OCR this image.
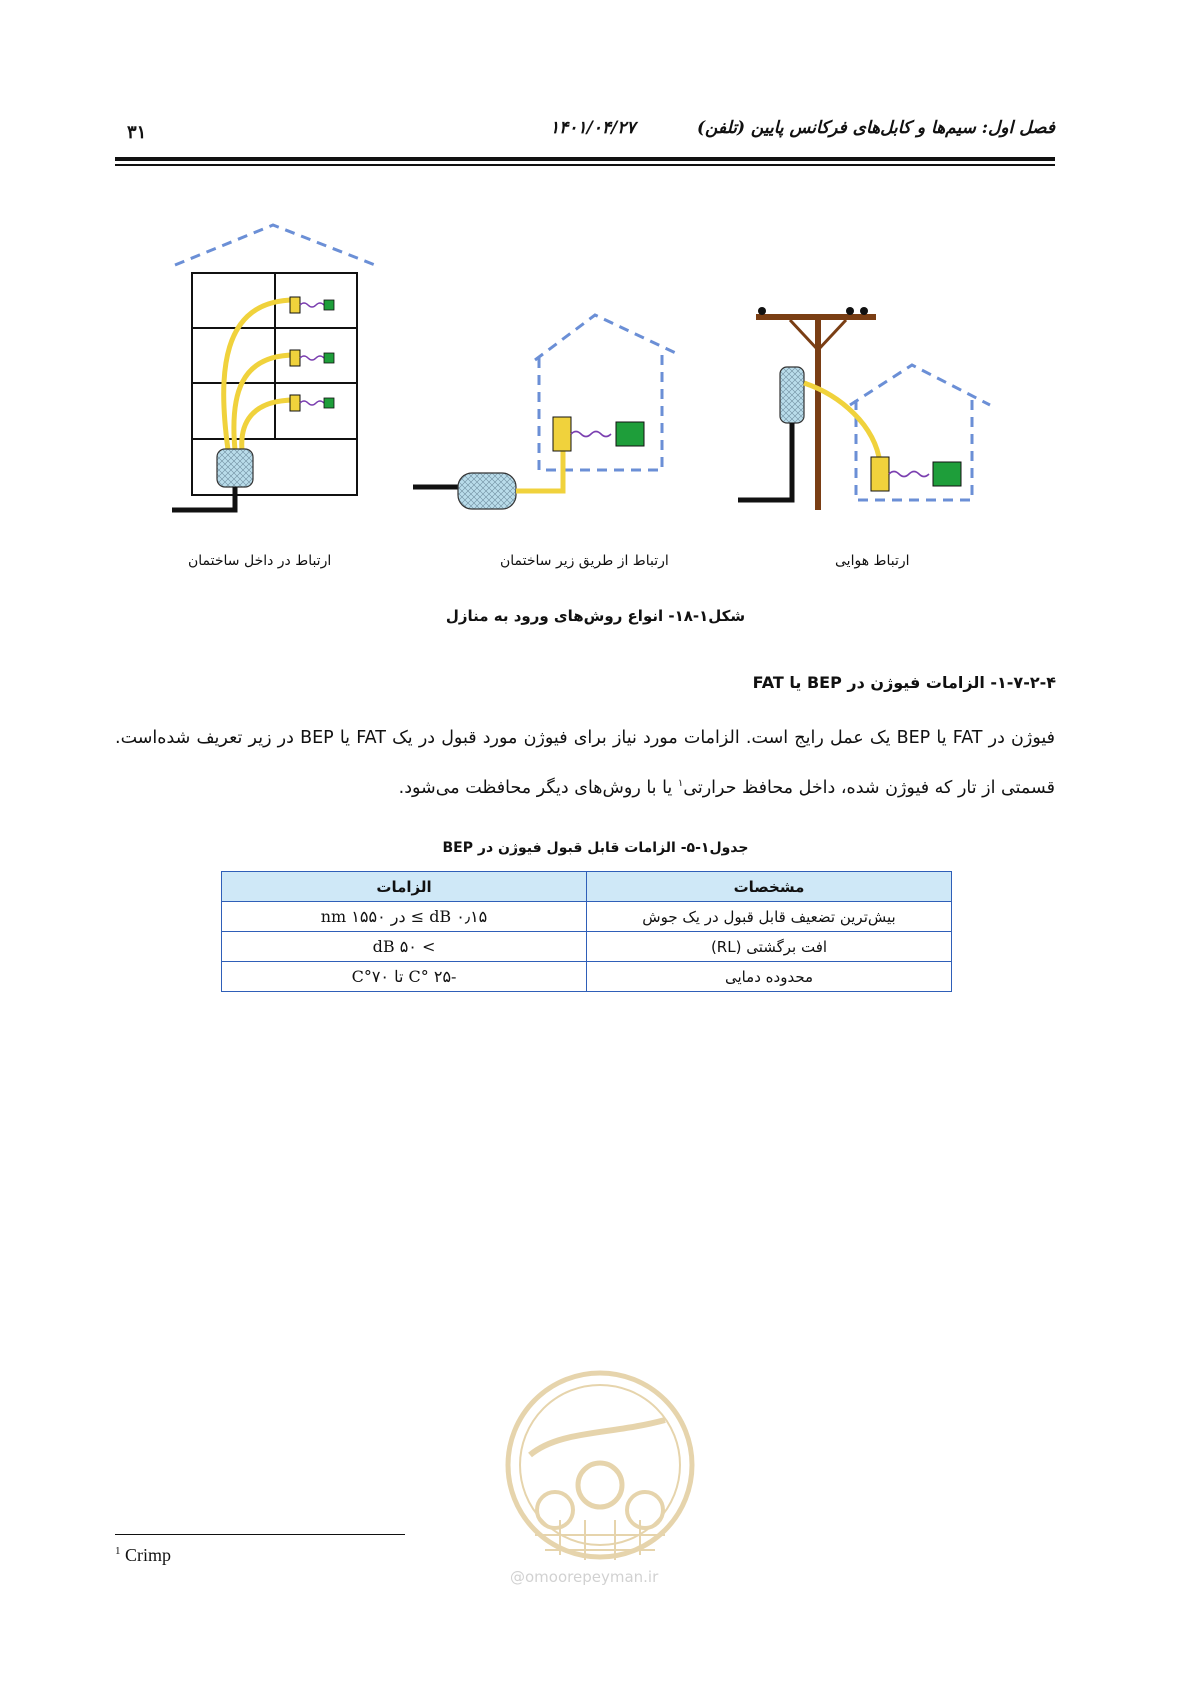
فصل اول: سیم‌ها و کابل‌های فرکانس پایین (تلفن)
۱۴۰۱/۰۴/۲۷
۳۱
ارتباط در داخل ساختمان	ارتباط از طریق زیر ساختمان	ارتباط هوایی
شکل۱-۱۸- انواع روش‌های ورود به منازل
۱-۷-۲-۴- الزامات فیوژن در BEP یا FAT
فیوژن در FAT یا BEP یک عمل رایج است. الزامات مورد نیاز برای فیوژن مورد قبول در یک FAT یا BEP در زیر تعریف شده‌است. قسمتی از تار که فیوژن شده، داخل محافظ حرارتی$^۱$ یا با روش‌های دیگر محافظت می‌شود.
جدول۱-۵- الزامات قابل قبول فیوژن در BEP
مشخصات	الزامات
بیش‌ترین تضعیف قابل قبول در یک جوش	۰٫۱۵ dB ≥ در ۱۵۵۰ nm
افت برگشتی (RL)	> ۵۰ dB
محدوده دمایی	-۲۵ °C تا ۷۰°C
@omoorepeyman.ir
$^1$ Crimp
